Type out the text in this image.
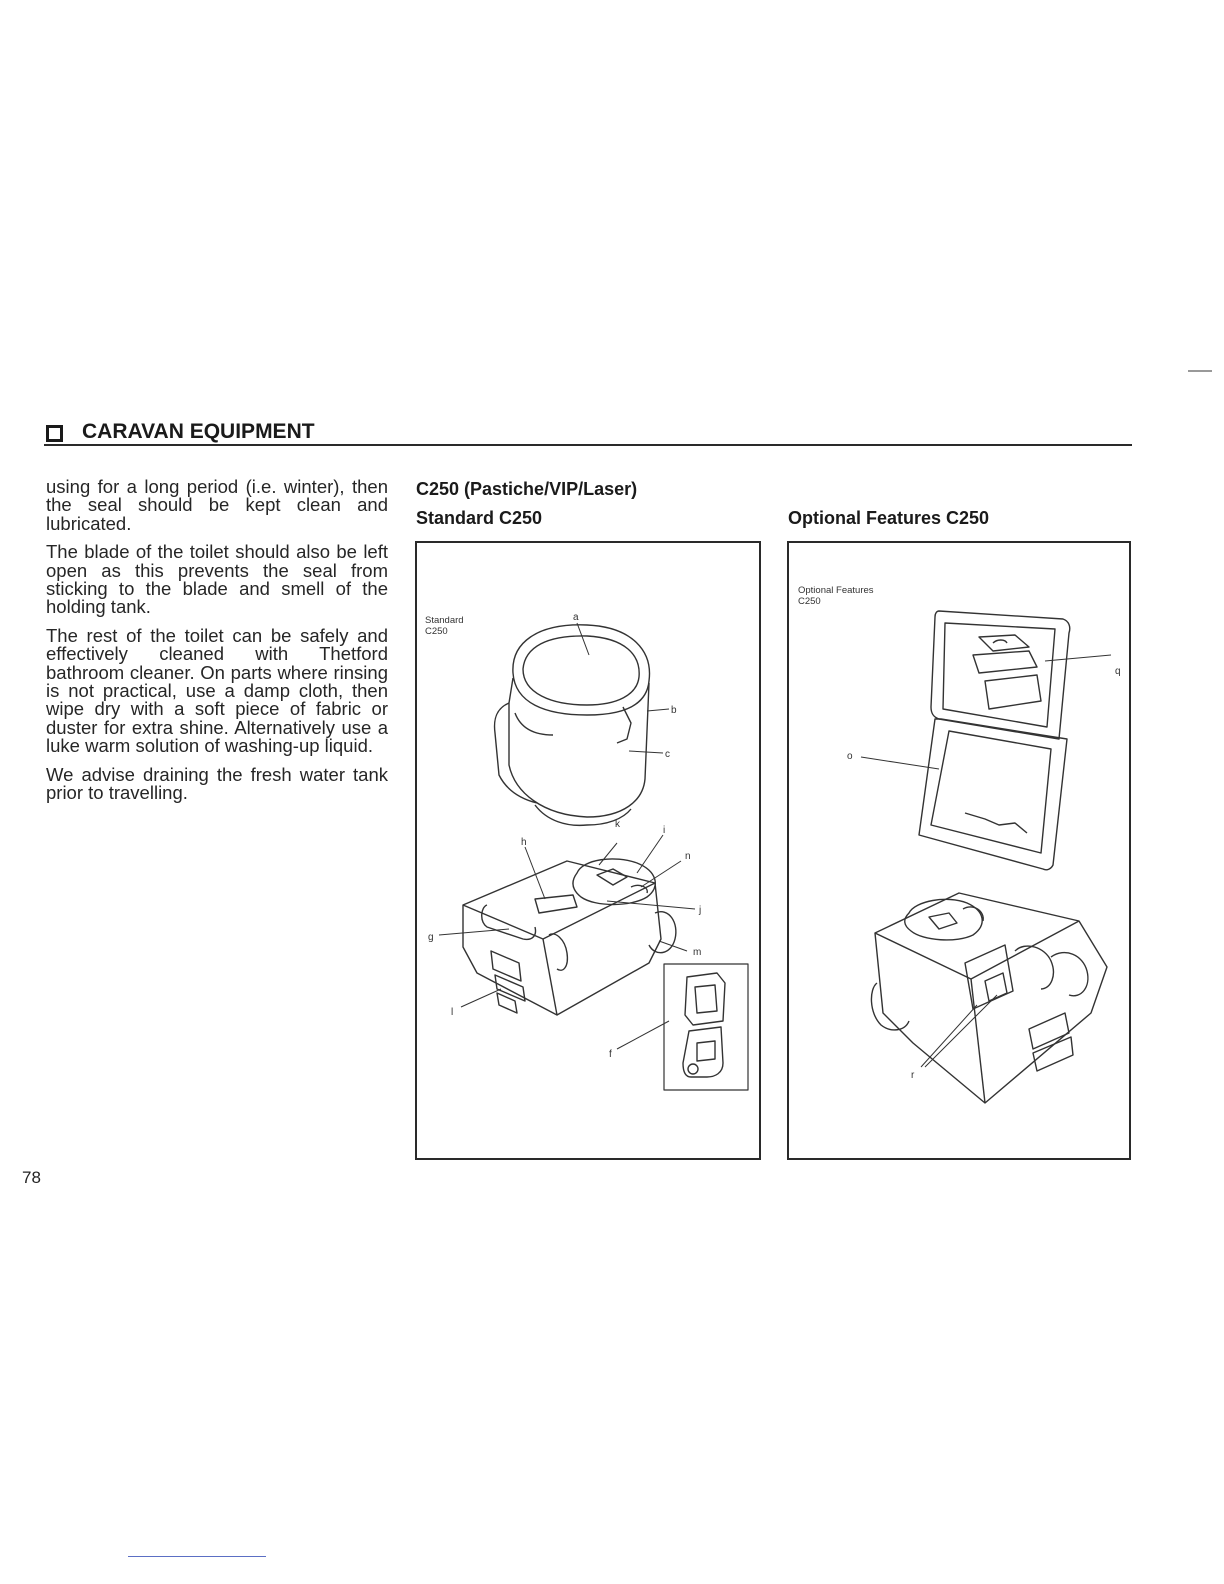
CARAVAN EQUIPMENT

using for a long period (i.e. winter), then the seal should be kept clean and lubricated.

The blade of the toilet should also be left open as this prevents the seal from sticking to the blade and smell of the holding tank.

The rest of the toilet can be safely and effectively cleaned with Thetford bathroom cleaner. On parts where rinsing is not practical, use a damp cloth, then wipe dry with a soft piece of fabric or duster for extra shine. Alternatively use a luke warm solution of washing-up liquid.

We advise draining the fresh water tank prior to travelling.

C250 (Pastiche/VIP/Laser)
Standard C250	Optional Features C250
Standard
C250
a
b
c
k
h
i
n
j
g
m
l
f
Optional Features
C250
q
o
r
78
